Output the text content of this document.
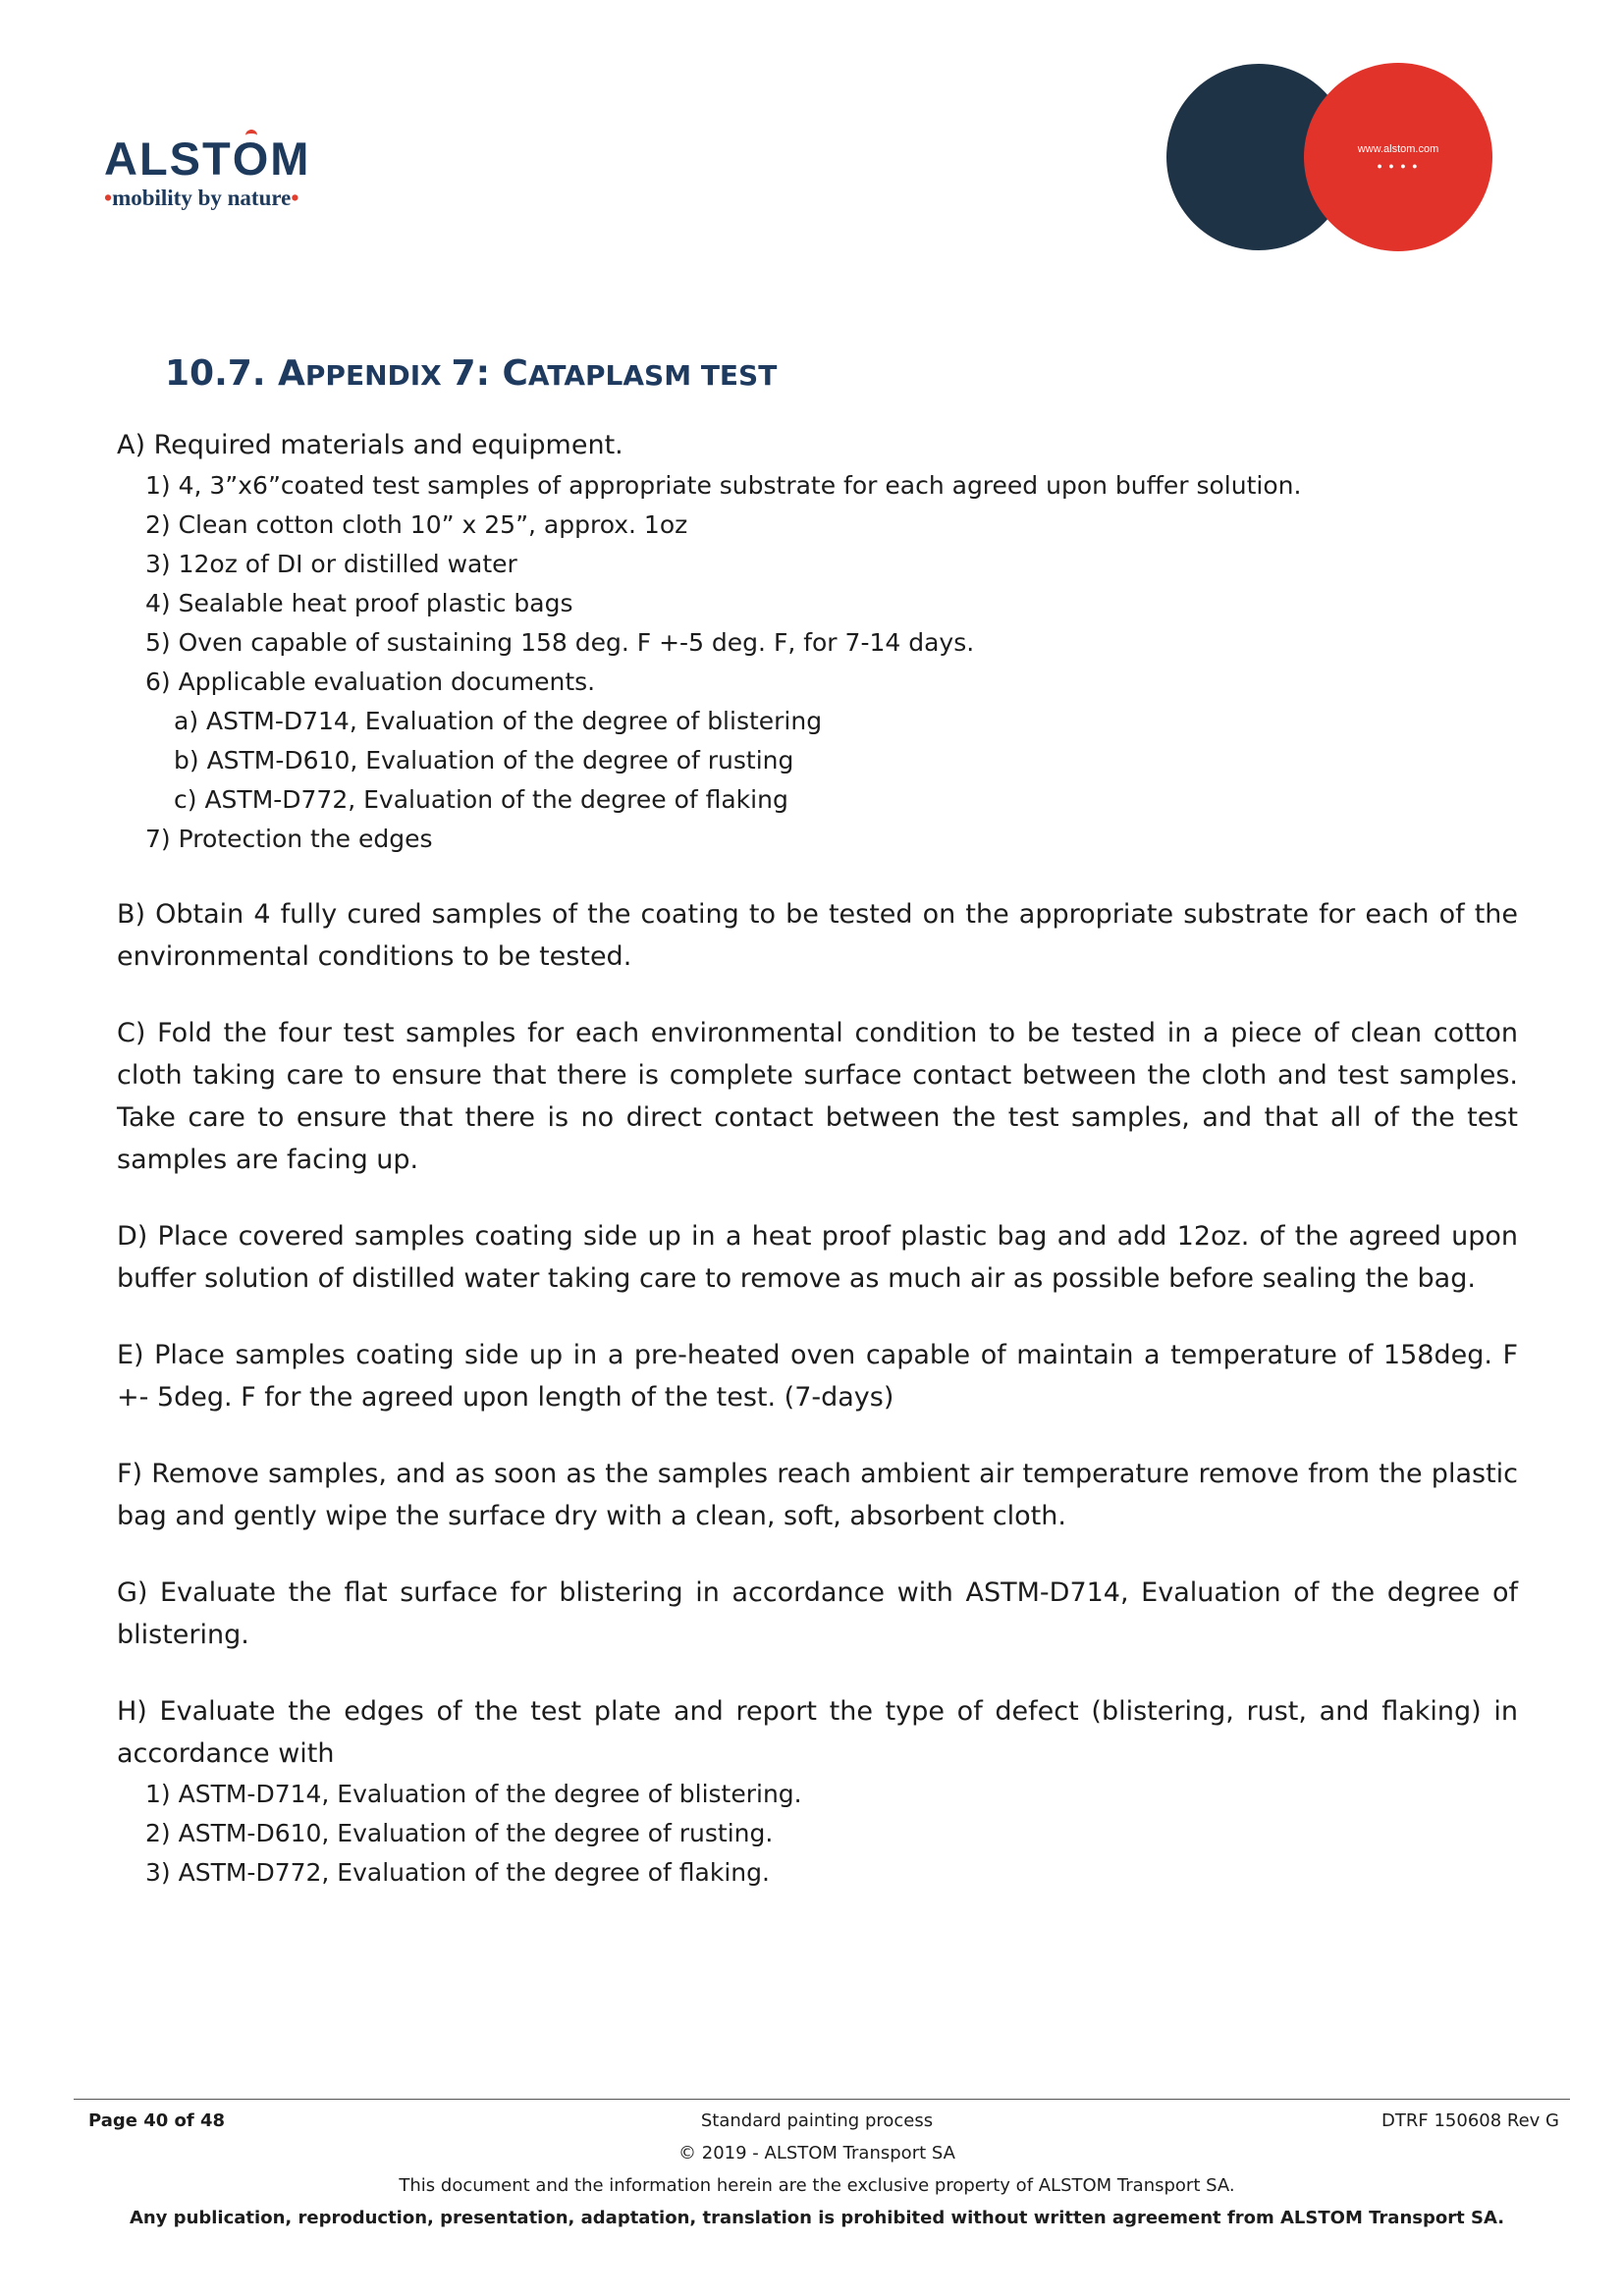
ALSTOM
•mobility by nature•
www.alstom.com
● ● ● ●
10.7. APPENDIX 7: CATAPLASM TEST

A) Required materials and equipment.

1) 4, 3”x6”coated test samples of appropriate substrate for each agreed upon buffer solution.

2) Clean cotton cloth 10” x 25”, approx. 1oz

3) 12oz of DI or distilled water

4) Sealable heat proof plastic bags

5) Oven capable of sustaining 158 deg. F +-5 deg. F, for 7-14 days.

6) Applicable evaluation documents.

a) ASTM-D714, Evaluation of the degree of blistering

b) ASTM-D610, Evaluation of the degree of rusting

c) ASTM-D772, Evaluation of the degree of flaking

7) Protection the edges

B) Obtain 4 fully cured samples of the coating to be tested on the appropriate substrate for each of the environmental conditions to be tested.

C) Fold the four test samples for each environmental condition to be tested in a piece of clean cotton cloth taking care to ensure that there is complete surface contact between the cloth and test samples. Take care to ensure that there is no direct contact between the test samples, and that all of the test samples are facing up.

D) Place covered samples coating side up in a heat proof plastic bag and add 12oz. of the agreed upon buffer solution of distilled water taking care to remove as much air as possible before sealing the bag.

E) Place samples coating side up in a pre-heated oven capable of maintain a temperature of 158deg. F +- 5deg. F for the agreed upon length of the test. (7-days)

F) Remove samples, and as soon as the samples reach ambient air temperature remove from the plastic bag and gently wipe the surface dry with a clean, soft, absorbent cloth.

G) Evaluate the flat surface for blistering in accordance with ASTM-D714, Evaluation of the degree of blistering.

H) Evaluate the edges of the test plate and report the type of defect (blistering, rust, and flaking) in accordance with

1) ASTM-D714, Evaluation of the degree of blistering.

2) ASTM-D610, Evaluation of the degree of rusting.

3) ASTM-D772, Evaluation of the degree of flaking.

Page 40 of 48	Standard painting process	DTRF 150608 Rev G
© 2019 - ALSTOM Transport SA
This document and the information herein are the exclusive property of ALSTOM Transport SA.
Any publication, reproduction, presentation, adaptation, translation is prohibited without written agreement from ALSTOM Transport SA.
